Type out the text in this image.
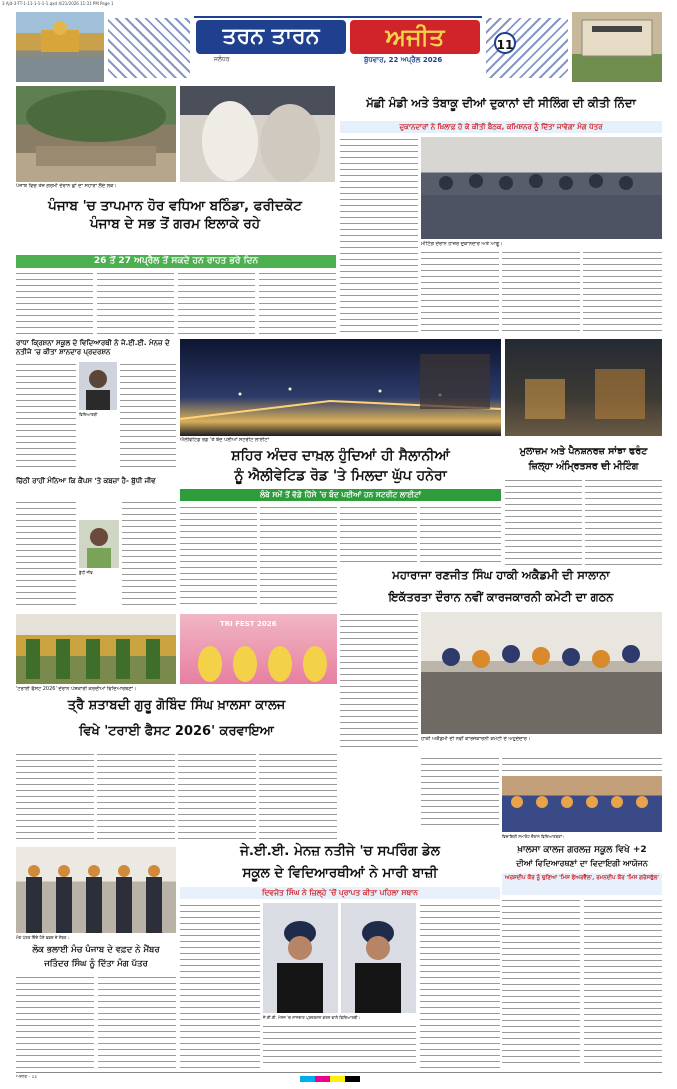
3 Ajit-3-TT-1-11-1-1-1-1.qxd 4/21/2026 11:31 PM Page 1
ਤਰਨ ਤਾਰਨ	ਅਜੀਤ
ਜਲੰਧਰ	ਬੁੱਧਵਾਰ, 22 ਅਪ੍ਰੈਲ 2026
11
ਪੰਜਾਬ ਵਿਚ ਤੇਜ਼ ਗਰਮੀ ਦੌਰਾਨ ਛਾਂ ਦਾ ਸਹਾਰਾ ਲੈਂਦੇ ਲੋਕ।
ਪੰਜਾਬ 'ਚ ਤਾਪਮਾਨ ਹੋਰ ਵਧਿਆ ਬਠਿੰਡਾ, ਫਰੀਦਕੋਟ
ਪੰਜਾਬ ਦੇ ਸਭ ਤੋਂ ਗਰਮ ਇਲਾਕੇ ਰਹੇ
26 ਤੋਂ 27 ਅਪ੍ਰੈਲ ਤੋਂ ਸਕਦੇ ਹਨ ਰਾਹਤ ਭਰੇ ਦਿਨ
ਮੱਛੀ ਮੰਡੀ ਅਤੇ ਤੰਬਾਕੂ ਦੀਆਂ ਦੁਕਾਨਾਂ ਦੀ ਸੀਲਿੰਗ ਦੀ ਕੀਤੀ ਨਿੰਦਾ
ਦੁਕਾਨਦਾਰਾਂ ਨੇ ਖ਼ਿਲਾਫ਼ ਹੋ ਕੇ ਕੀਤੀ ਬੈਠਕ, ਕਮਿਸ਼ਨਰ ਨੂੰ ਦਿੱਤਾ ਜਾਵੇਗਾ ਮੰਗ ਪੱਤਰ
ਮੀਟਿੰਗ ਦੌਰਾਨ ਹਾਜ਼ਰ ਦੁਕਾਨਦਾਰ ਅਤੇ ਆਗੂ।
ਰਾਧਾ ਕ੍ਰਿਸ਼ਨਾ ਸਕੂਲ ਦੇ ਵਿਦਿਆਰਥੀ ਨੇ ਜੇ.ਈ.ਈ. ਮੇਨਜ਼ ਦੇ ਨਤੀਜੇ 'ਚ ਕੀਤਾ ਸ਼ਾਨਦਾਰ ਪ੍ਰਦਰਸ਼ਨ
ਵਿਦਿਆਰਥੀ
ਚਿੱਠੀ ਰਾਹੀਂ ਮੰਨਿਆ ਕਿ ਕੈਂਪਸ 'ਤੇ ਕਬਜ਼ਾ ਹੈ- ਬੁੱਧੀ ਜੀਵ
ਬੁੱਧੀ ਜੀਵ
ਐਲੀਵੇਟਿਡ ਰੋਡ 'ਤੇ ਬੰਦ ਪਈਆਂ ਸਟਰੀਟ ਲਾਈਟਾਂ
ਸ਼ਹਿਰ ਅੰਦਰ ਦਾਖ਼ਲ ਹੁੰਦਿਆਂ ਹੀ ਸੈਲਾਨੀਆਂ
ਨੂੰ ਐਲੀਵੇਟਿਡ ਰੋਡ 'ਤੇ ਮਿਲਦਾ ਘੁੱਪ ਹਨੇਰਾ
ਲੰਬੇ ਸਮੇਂ ਤੋਂ ਵੱਡੇ ਹਿੱਸੇ 'ਚ ਬੰਦ ਪਈਆਂ ਹਨ ਸਟਰੀਟ ਲਾਈਟਾਂ
ਮੁਲਾਜ਼ਮ ਅਤੇ ਪੈਨਸ਼ਨਰਜ਼ ਸਾਂਝਾ ਫਰੰਟ
ਜ਼ਿਲ੍ਹਾ ਅੰਮ੍ਰਿਤਸਰ ਦੀ ਮੀਟਿੰਗ
ਮਹਾਰਾਜਾ ਰਣਜੀਤ ਸਿੰਘ ਹਾਕੀ ਅਕੈਡਮੀ ਦੀ ਸਾਲਾਨਾ
ਇਕੱਤਰਤਾ ਦੌਰਾਨ ਨਵੀਂ ਕਾਰਜਕਾਰਨੀ ਕਮੇਟੀ ਦਾ ਗਠਨ
ਹਾਕੀ ਅਕੈਡਮੀ ਦੀ ਨਵੀਂ ਕਾਰਜਕਾਰਨੀ ਕਮੇਟੀ ਦੇ ਅਹੁਦੇਦਾਰ।
TRI FEST 2026
'ਟਰਾਈ ਫੈਸਟ 2026' ਦੌਰਾਨ ਪੇਸ਼ਕਾਰੀ ਕਰਦੀਆਂ ਵਿਦਿਆਰਥਣਾਂ।
ਤ੍ਰੈ ਸ਼ਤਾਬਦੀ ਗੁਰੂ ਗੋਬਿੰਦ ਸਿੰਘ ਖ਼ਾਲਸਾ ਕਾਲਜ
ਵਿਖੇ 'ਟਰਾਈ ਫੈਸਟ 2026' ਕਰਵਾਇਆ
ਵਿਦਾਇਗੀ ਸਮਾਰੋਹ ਦੌਰਾਨ ਵਿਦਿਆਰਥਣਾਂ।
ਖ਼ਾਲਸਾ ਕਾਲਜ ਗਰਲਜ਼ ਸਕੂਲ ਵਿਖੇ +2
ਦੀਆਂ ਵਿਦਿਆਰਥਣਾਂ ਦਾ ਵਿਦਾਇਗੀ ਆਯੋਜਨ
ਅਰਸ਼ਦੀਪ ਕੌਰ ਨੂੰ ਚੁਣਿਆ 'ਮਿਸ ਫੇਅਰਵੈੱਲ', ਰਮਨਦੀਪ ਕੌਰ 'ਮਿਸ ਗਰੇਸਫੁੱਲ'
ਮੰਗ ਪੱਤਰ ਦਿੰਦੇ ਹੋਏ ਵਫ਼ਦ ਦੇ ਮੈਂਬਰ।
ਲੋਕ ਭਲਾਈ ਮੰਚ ਪੰਜਾਬ ਦੇ ਵਫ਼ਦ ਨੇ ਮੈਂਬਰ
ਜਤਿੰਦਰ ਸਿੰਘ ਨੂੰ ਦਿੱਤਾ ਮੰਗ ਪੱਤਰ
ਜੇ.ਈ.ਈ. ਮੇਨਜ਼ ਨਤੀਜੇ 'ਚ ਸਪਰਿੰਗ ਡੇਲ
ਸਕੂਲ ਦੇ ਵਿਦਿਆਰਥੀਆਂ ਨੇ ਮਾਰੀ ਬਾਜ਼ੀ
ਦਿਵਜੋਤ ਸਿੰਘ ਨੇ ਜ਼ਿਲ੍ਹੇ 'ਚੋਂ ਪ੍ਰਾਪਤ ਕੀਤਾ ਪਹਿਲਾ ਸਥਾਨ
ਜੇ.ਈ.ਈ. ਮੇਨਜ਼ 'ਚ ਸ਼ਾਨਦਾਰ ਪ੍ਰਦਰਸ਼ਨ ਕਰਨ ਵਾਲੇ ਵਿਦਿਆਰਥੀ।
ਅਜੀਤ - 11
